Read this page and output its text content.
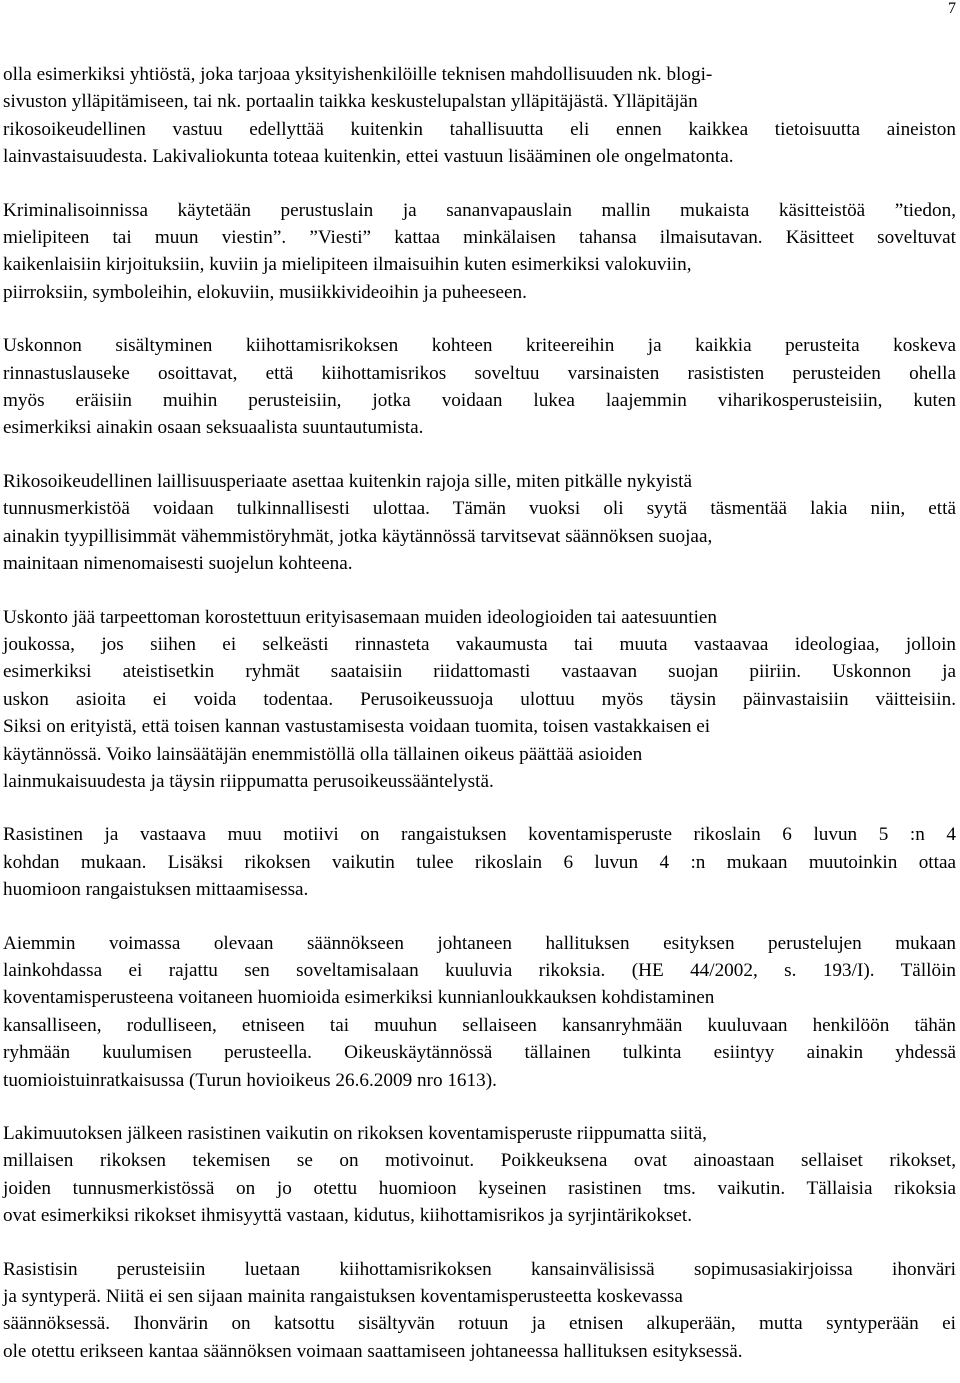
7

olla esimerkiksi yhtiöstä, joka tarjoaa yksityishenkilöille teknisen mahdollisuuden nk. blogi-
sivuston ylläpitämiseen, tai nk. portaalin taikka keskustelupalstan ylläpitäjästä. Ylläpitäjän
rikosoikeudellinen vastuu edellyttää kuitenkin tahallisuutta eli ennen kaikkea tietoisuutta aineiston
lainvastaisuudesta. Lakivaliokunta toteaa kuitenkin, ettei vastuun lisääminen ole ongelmatonta.

Kriminalisoinnissa käytetään perustuslain ja sananvapauslain mallin mukaista käsitteistöä ”tiedon,
mielipiteen tai muun viestin”. ”Viesti” kattaa minkälaisen tahansa ilmaisutavan. Käsitteet soveltuvat
kaikenlaisiin kirjoituksiin, kuviin ja mielipiteen ilmaisuihin kuten esimerkiksi valokuviin,
piirroksiin, symboleihin, elokuviin, musiikkivideoihin ja puheeseen.

Uskonnon sisältyminen kiihottamisrikoksen kohteen kriteereihin ja kaikkia perusteita koskeva
rinnastuslauseke osoittavat, että kiihottamisrikos soveltuu varsinaisten rasististen perusteiden ohella
myös eräisiin muihin perusteisiin, jotka voidaan lukea laajemmin viharikosperusteisiin, kuten
esimerkiksi ainakin osaan seksuaalista suuntautumista.

Rikosoikeudellinen laillisuusperiaate asettaa kuitenkin rajoja sille, miten pitkälle nykyistä
tunnusmerkistöä voidaan tulkinnallisesti ulottaa. Tämän vuoksi oli syytä täsmentää lakia niin, että
ainakin tyypillisimmät vähemmistöryhmät, jotka käytännössä tarvitsevat säännöksen suojaa,
mainitaan nimenomaisesti suojelun kohteena.

Uskonto jää tarpeettoman korostettuun erityisasemaan muiden ideologioiden tai aatesuuntien
joukossa, jos siihen ei selkeästi rinnasteta vakaumusta tai muuta vastaavaa ideologiaa, jolloin
esimerkiksi ateistisetkin ryhmät saataisiin riidattomasti vastaavan suojan piiriin. Uskonnon ja
uskon asioita ei voida todentaa. Perusoikeussuoja ulottuu myös täysin päinvastaisiin väitteisiin.
Siksi on erityistä, että toisen kannan vastustamisesta voidaan tuomita, toisen vastakkaisen ei
käytännössä. Voiko lainsäätäjän enemmistöllä olla tällainen oikeus päättää asioiden
lainmukaisuudesta ja täysin riippumatta perusoikeussääntelystä.

Rasistinen ja vastaava muu motiivi on rangaistuksen koventamisperuste rikoslain 6 luvun 5 :n 4
kohdan mukaan. Lisäksi rikoksen vaikutin tulee rikoslain 6 luvun 4 :n mukaan muutoinkin ottaa
huomioon rangaistuksen mittaamisessa.

Aiemmin voimassa olevaan säännökseen johtaneen hallituksen esityksen perustelujen mukaan
lainkohdassa ei rajattu sen soveltamisalaan kuuluvia rikoksia. (HE 44/2002, s. 193/I). Tällöin
koventamisperusteena voitaneen huomioida esimerkiksi kunnianloukkauksen kohdistaminen
kansalliseen, rodulliseen, etniseen tai muuhun sellaiseen kansanryhmään kuuluvaan henkilöön tähän
ryhmään kuulumisen perusteella. Oikeuskäytännössä tällainen tulkinta esiintyy ainakin yhdessä
tuomioistuinratkaisussa (Turun hovioikeus 26.6.2009 nro 1613).

Lakimuutoksen jälkeen rasistinen vaikutin on rikoksen koventamisperuste riippumatta siitä,
millaisen rikoksen tekemisen se on motivoinut. Poikkeuksena ovat ainoastaan sellaiset rikokset,
joiden tunnusmerkistössä on jo otettu huomioon kyseinen rasistinen tms. vaikutin. Tällaisia rikoksia
ovat esimerkiksi rikokset ihmisyyttä vastaan, kidutus, kiihottamisrikos ja syrjintärikokset.

Rasistisin perusteisiin luetaan kiihottamisrikoksen kansainvälisissä sopimusasiakirjoissa ihonväri
ja syntyperä. Niitä ei sen sijaan mainita rangaistuksen koventamisperusteetta koskevassa
säännöksessä. Ihonvärin on katsottu sisältyvän rotuun ja etnisen alkuperään, mutta syntyperään ei
ole otettu erikseen kantaa säännöksen voimaan saattamiseen johtaneessa hallituksen esityksessä.
